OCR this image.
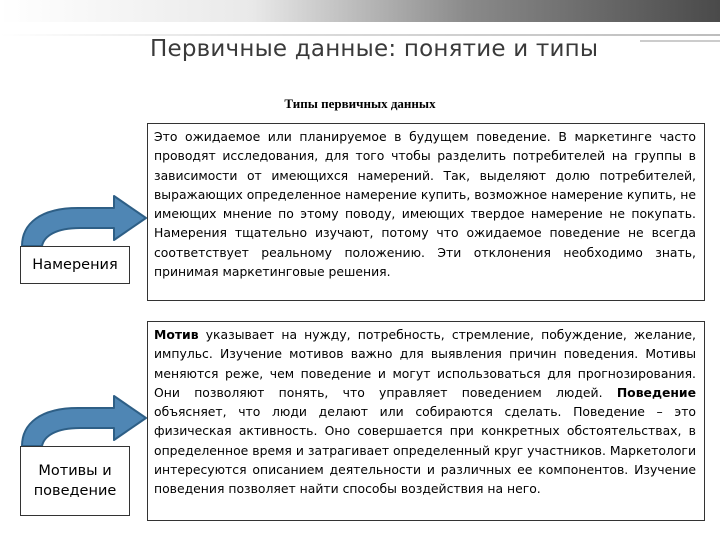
Первичные данные: понятие и типы
Типы первичных данных
Намерения

Это ожидаемое или планируемое в будущем поведение. В маркетинге часто проводят исследования, для того чтобы разделить потребителей на группы в зависимости от имеющихся намерений. Так, выделяют долю потребителей, выражающих определенное намерение купить, возможное намерение купить, не имеющих мнение по этому поводу, имеющих твердое намерение не покупать. Намерения тщательно изучают, потому что ожидаемое поведение не всегда соответствует реальному положению. Эти отклонения необходимо знать, принимая маркетинговые решения.

Мотивы и
поведение

Мотив указывает на нужду, потребность, стремление, побуждение, желание, импульс. Изучение мотивов важно для выявления причин поведения. Мотивы меняются реже, чем поведение и могут использоваться для прогнозирования. Они позволяют понять, что управляет поведением людей. Поведение объясняет, что люди делают или собираются сделать. Поведение – это физическая активность. Оно совершается при конкретных обстоятельствах, в определенное время и затрагивает определенный круг участников. Маркетологи интересуются описанием деятельности и различных ее компонентов. Изучение поведения позволяет найти способы воздействия на него.
